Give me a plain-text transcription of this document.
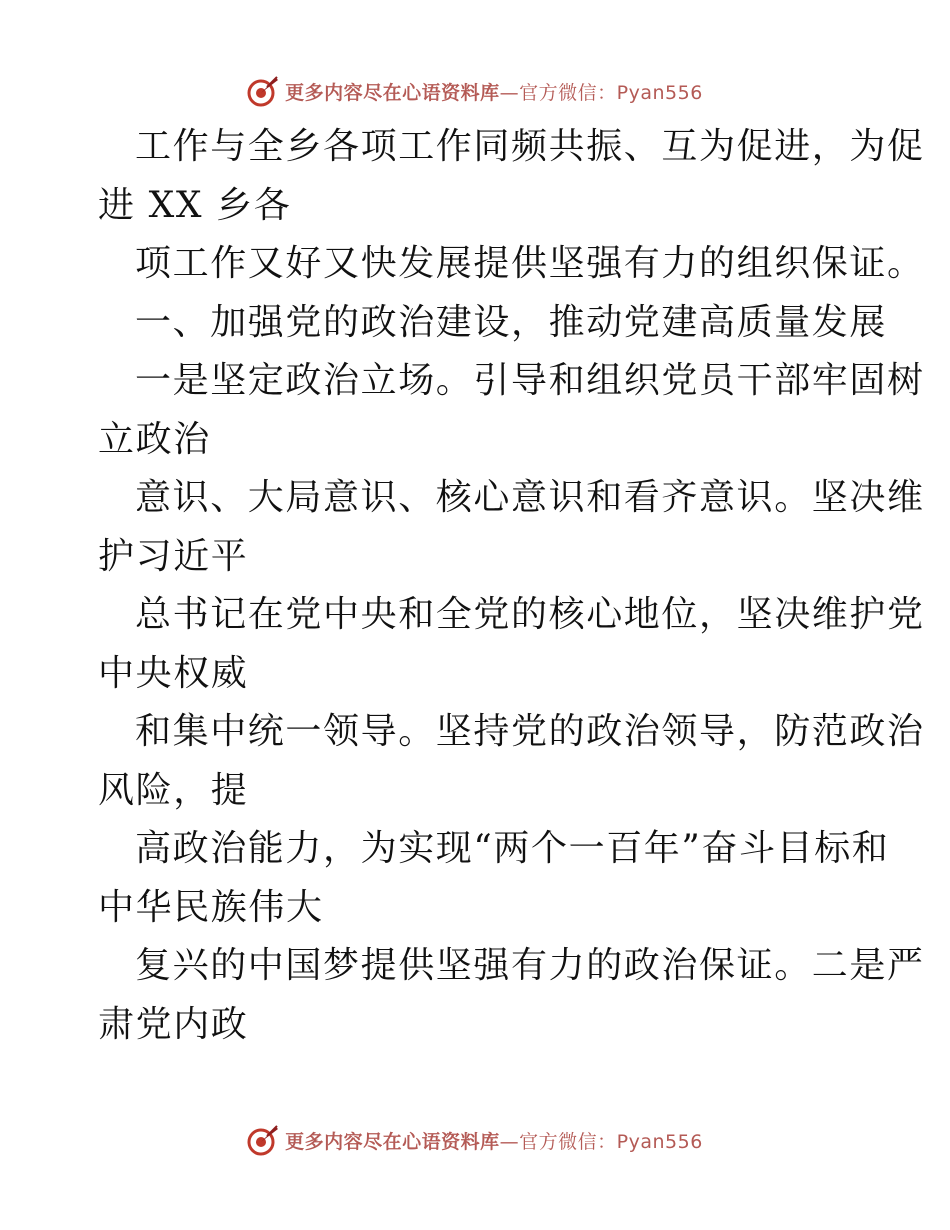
更多内容尽在心语资料库—官方微信：Pyan556
工作与全乡各项工作同频共振、互为促进，为促
进 XX 乡各
项工作又好又快发展提供坚强有力的组织保证。
一、加强党的政治建设，推动党建高质量发展
一是坚定政治立场。引导和组织党员干部牢固树
立政治
意识、大局意识、核心意识和看齐意识。坚决维
护习近平
总书记在党中央和全党的核心地位，坚决维护党
中央权威
和集中统一领导。坚持党的政治领导，防范政治
风险，提
高政治能力，为实现“两个一百年”奋斗目标和
中华民族伟大
复兴的中国梦提供坚强有力的政治保证。二是严
肃党内政
更多内容尽在心语资料库—官方微信：Pyan556
